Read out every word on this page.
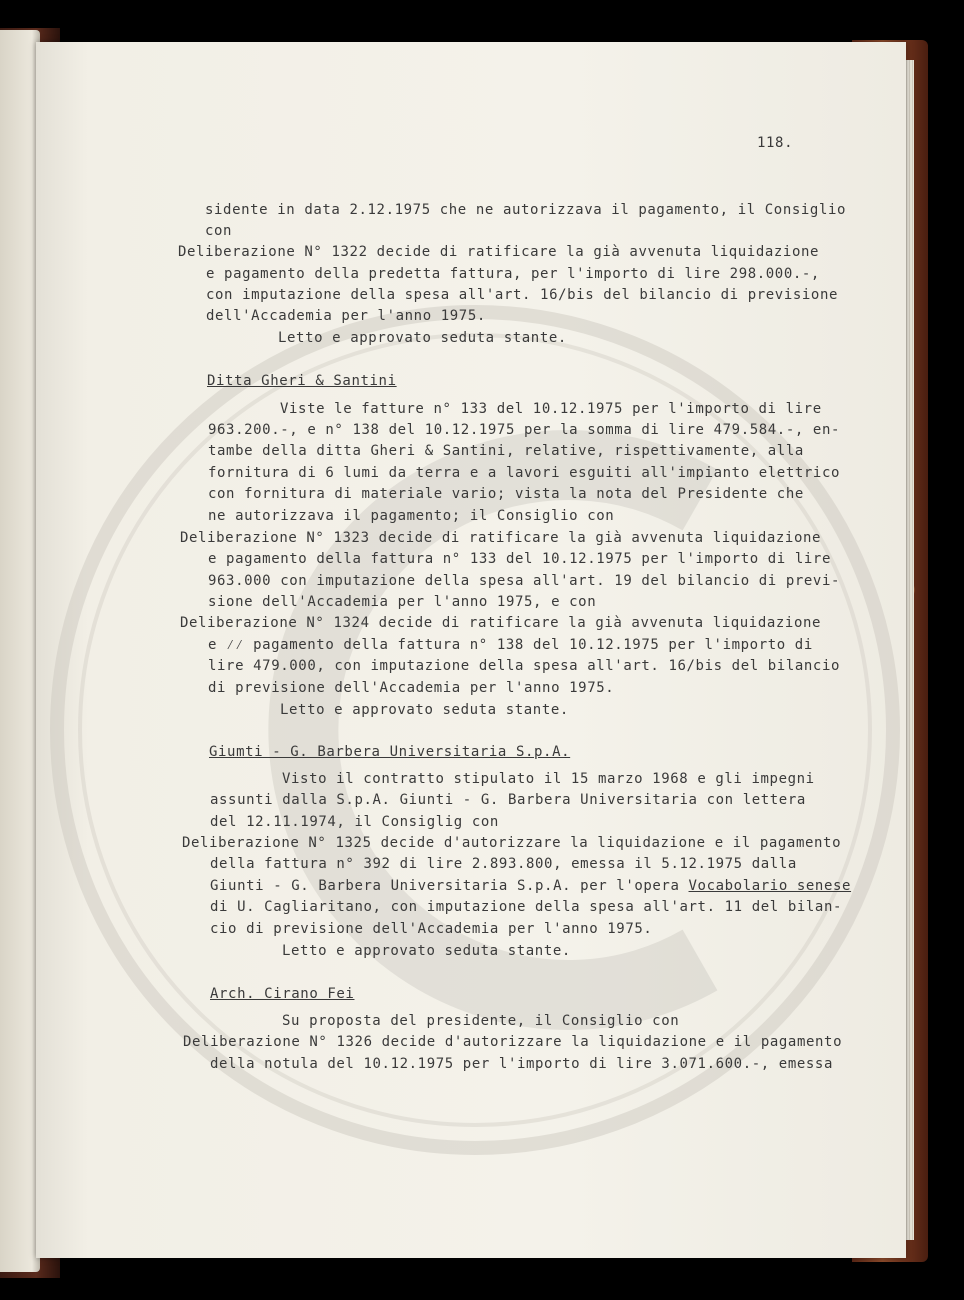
118.
sidente in data 2.12.1975 che ne autorizzava il pagamento, il Consiglio
con
Deliberazione N° 1322 decide di ratificare la già avvenuta liquidazione
e pagamento della predetta fattura, per l'importo di lire 298.000.-,
con imputazione della spesa all'art. 16/bis del bilancio di previsione
dell'Accademia per l'anno 1975.
Letto e approvato seduta stante.
Ditta Gheri & Santini
Viste le fatture n° 133 del 10.12.1975 per l'importo di lire
963.200.-, e n° 138 del 10.12.1975 per la somma di lire 479.584.-, en-
tambe della ditta Gheri & Santini, relative, rispettivamente, alla
fornitura di 6 lumi da terra e a lavori esguiti all'impianto elettrico
con fornitura di materiale vario; vista la nota del Presidente che
ne autorizzava il pagamento; il Consiglio con
Deliberazione N° 1323 decide di ratificare la già avvenuta liquidazione
e pagamento della fattura n° 133 del 10.12.1975 per l'importo di lire
963.000 con imputazione della spesa all'art. 19 del bilancio di previ-
sione dell'Accademia per l'anno 1975, e con
Deliberazione N° 1324 decide di ratificare la già avvenuta liquidazione
e ⁄⁄ pagamento della fattura n° 138 del 10.12.1975 per l'importo di
lire 479.000, con imputazione della spesa all'art. 16/bis del bilancio
di previsione dell'Accademia per l'anno 1975.
Letto e approvato seduta stante.
Giumti - G. Barbera Universitaria S.p.A.
Visto il contratto stipulato il 15 marzo 1968 e gli impegni
assunti dalla S.p.A. Giunti - G. Barbera Universitaria con lettera
del 12.11.1974, il Consiglig con
Deliberazione N° 1325 decide d'autorizzare la liquidazione e il pagamento
della fattura n° 392 di lire 2.893.800, emessa il 5.12.1975 dalla
Giunti - G. Barbera Universitaria S.p.A. per l'opera Vocabolario senese
di U. Cagliaritano, con imputazione della spesa all'art. 11 del bilan-
cio di previsione dell'Accademia per l'anno 1975.
Letto e approvato seduta stante.
Arch. Cirano Fei
Su proposta del presidente, il Consiglio con
Deliberazione N° 1326 decide d'autorizzare la liquidazione e il pagamento
della notula del 10.12.1975 per l'importo di lire 3.071.600.-, emessa
